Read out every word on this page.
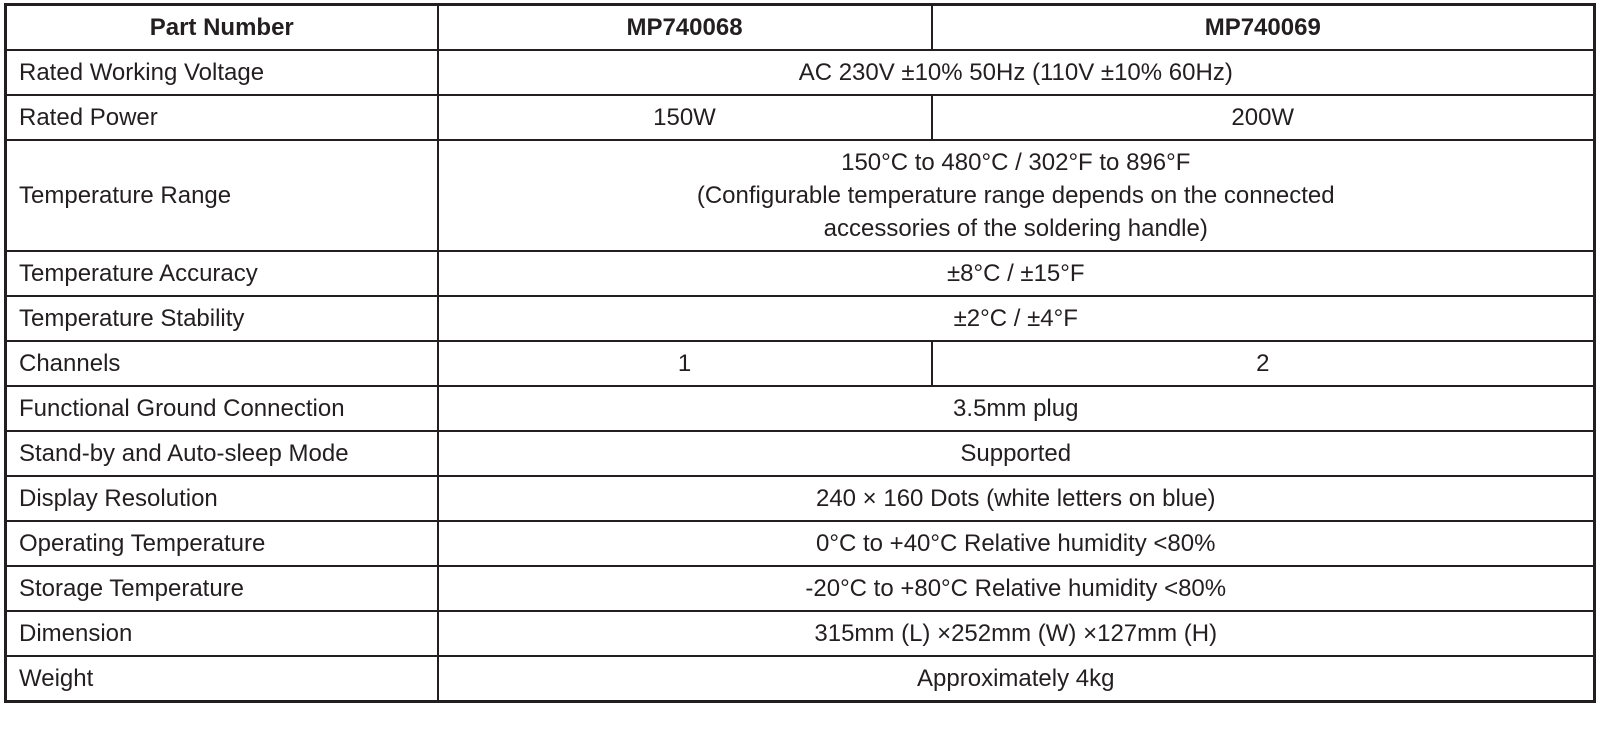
Part Number	MP740068	MP740069
Rated Working Voltage	AC 230V ±10% 50Hz (110V ±10% 60Hz)	
Rated Power	150W	200W
Temperature Range	150°C to 480°C / 302°F to 896°F
(Configurable temperature range depends on the connected
accessories of the soldering handle)	

Temperature Accuracy	±8°C / ±15°F	
Temperature Stability	±2°C / ±4°F	
Channels	1	2
Functional Ground Connection	3.5mm plug	
Stand-by and Auto-sleep Mode	Supported	
Display Resolution	240 × 160 Dots (white letters on blue)	
Operating Temperature	0°C to +40°C Relative humidity <80%	
Storage Temperature	-20°C to +80°C Relative humidity <80%	
Dimension	315mm (L) ×252mm (W) ×127mm (H)	
Weight	Approximately 4kg	
